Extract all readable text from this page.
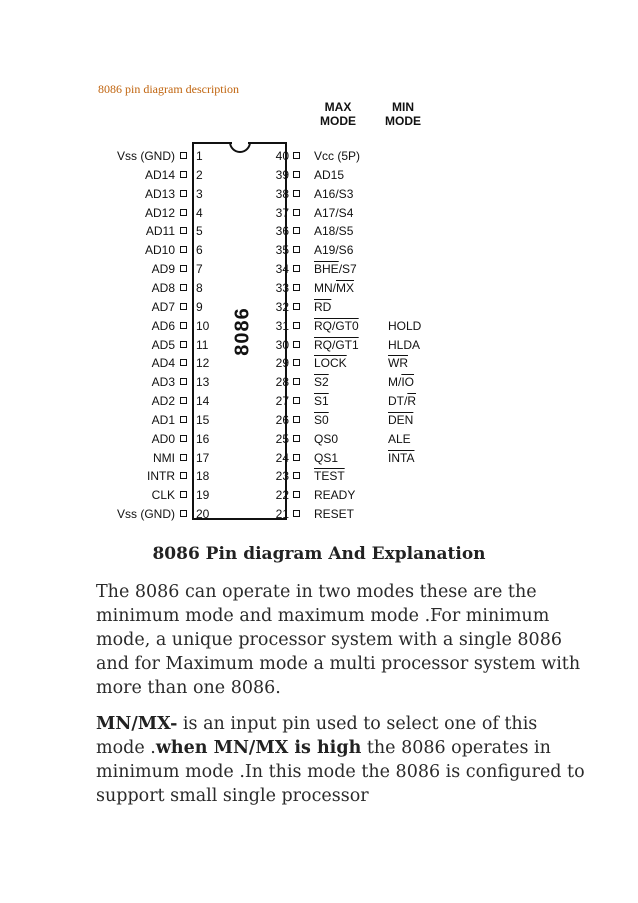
8086 pin diagram description
MAX
MODE
MIN
MODE
8086
Vss (GND) 1	40 Vcc (5P)
AD14 2	39 AD15
AD13 3	38 A16/S3
AD12 4	37 A17/S4
AD11 5	36 A18/S5
AD10 6	35 A19/S6
AD9 7	34 $\overline{BHE}/S7$
AD8 8	33 $MN/\overline{MX}$
AD7 9	32 $\overline{RD}$
AD6 10	31 RQ/GT0 HOLD
AD5 11	30 RQ/GT1 HLDA
AD4 12	29 LOCK	$\overline{WR}$
AD3 13	28 S2	$M/\overline{IO}$
AD2 14	27 S1	$DT/\overline{R}$
AD1 15	26 S0	$\overline{DEN}$
AD0 16	25 QS0	ALE
NMI 17	24 QS1	INTA
INTR 18	23 TEST
CLK 19	22 READY
Vss (GND) 20	21 RESET
8086 Pin diagram And Explanation

The 8086 can operate in two modes these are the minimum mode and maximum mode .For minimum mode, a unique processor system with a single 8086 and for Maximum mode a multi processor system with more than one 8086.

MN/MX- is an input pin used to select one of this mode .when MN/MX is high the 8086 operates in minimum mode .In this mode the 8086 is configured to support small single processor
